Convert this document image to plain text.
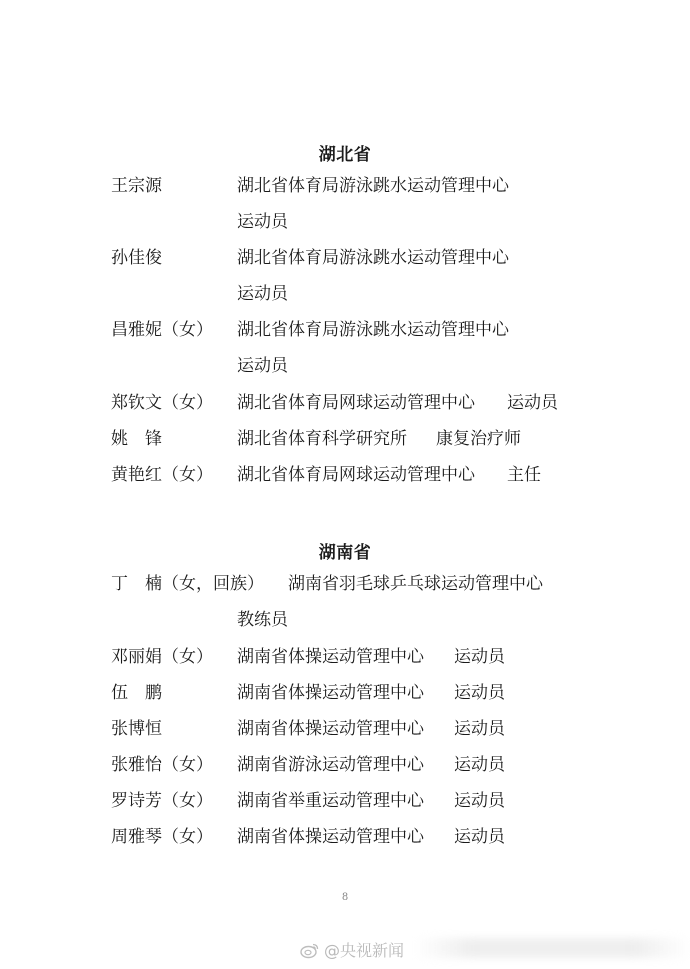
湖北省
王宗源	湖北省体育局游泳跳水运动管理中心
运动员
孙佳俊	湖北省体育局游泳跳水运动管理中心
运动员
昌雅妮（女） 湖北省体育局游泳跳水运动管理中心
运动员
郑钦文（女） 湖北省体育局网球运动管理中心 运动员
姚　锋	湖北省体育科学研究所 康复治疗师
黄艳红（女） 湖北省体育局网球运动管理中心 主任
湖南省
丁　楠（女，回族） 湖南省羽毛球乒乓球运动管理中心
教练员
邓丽娟（女） 湖南省体操运动管理中心 运动员
伍　鹏	湖南省体操运动管理中心 运动员
张博恒	湖南省体操运动管理中心 运动员
张雅怡（女） 湖南省游泳运动管理中心 运动员
罗诗芳（女） 湖南省举重运动管理中心 运动员
周雅琴（女） 湖南省体操运动管理中心 运动员
8
@央视新闻
